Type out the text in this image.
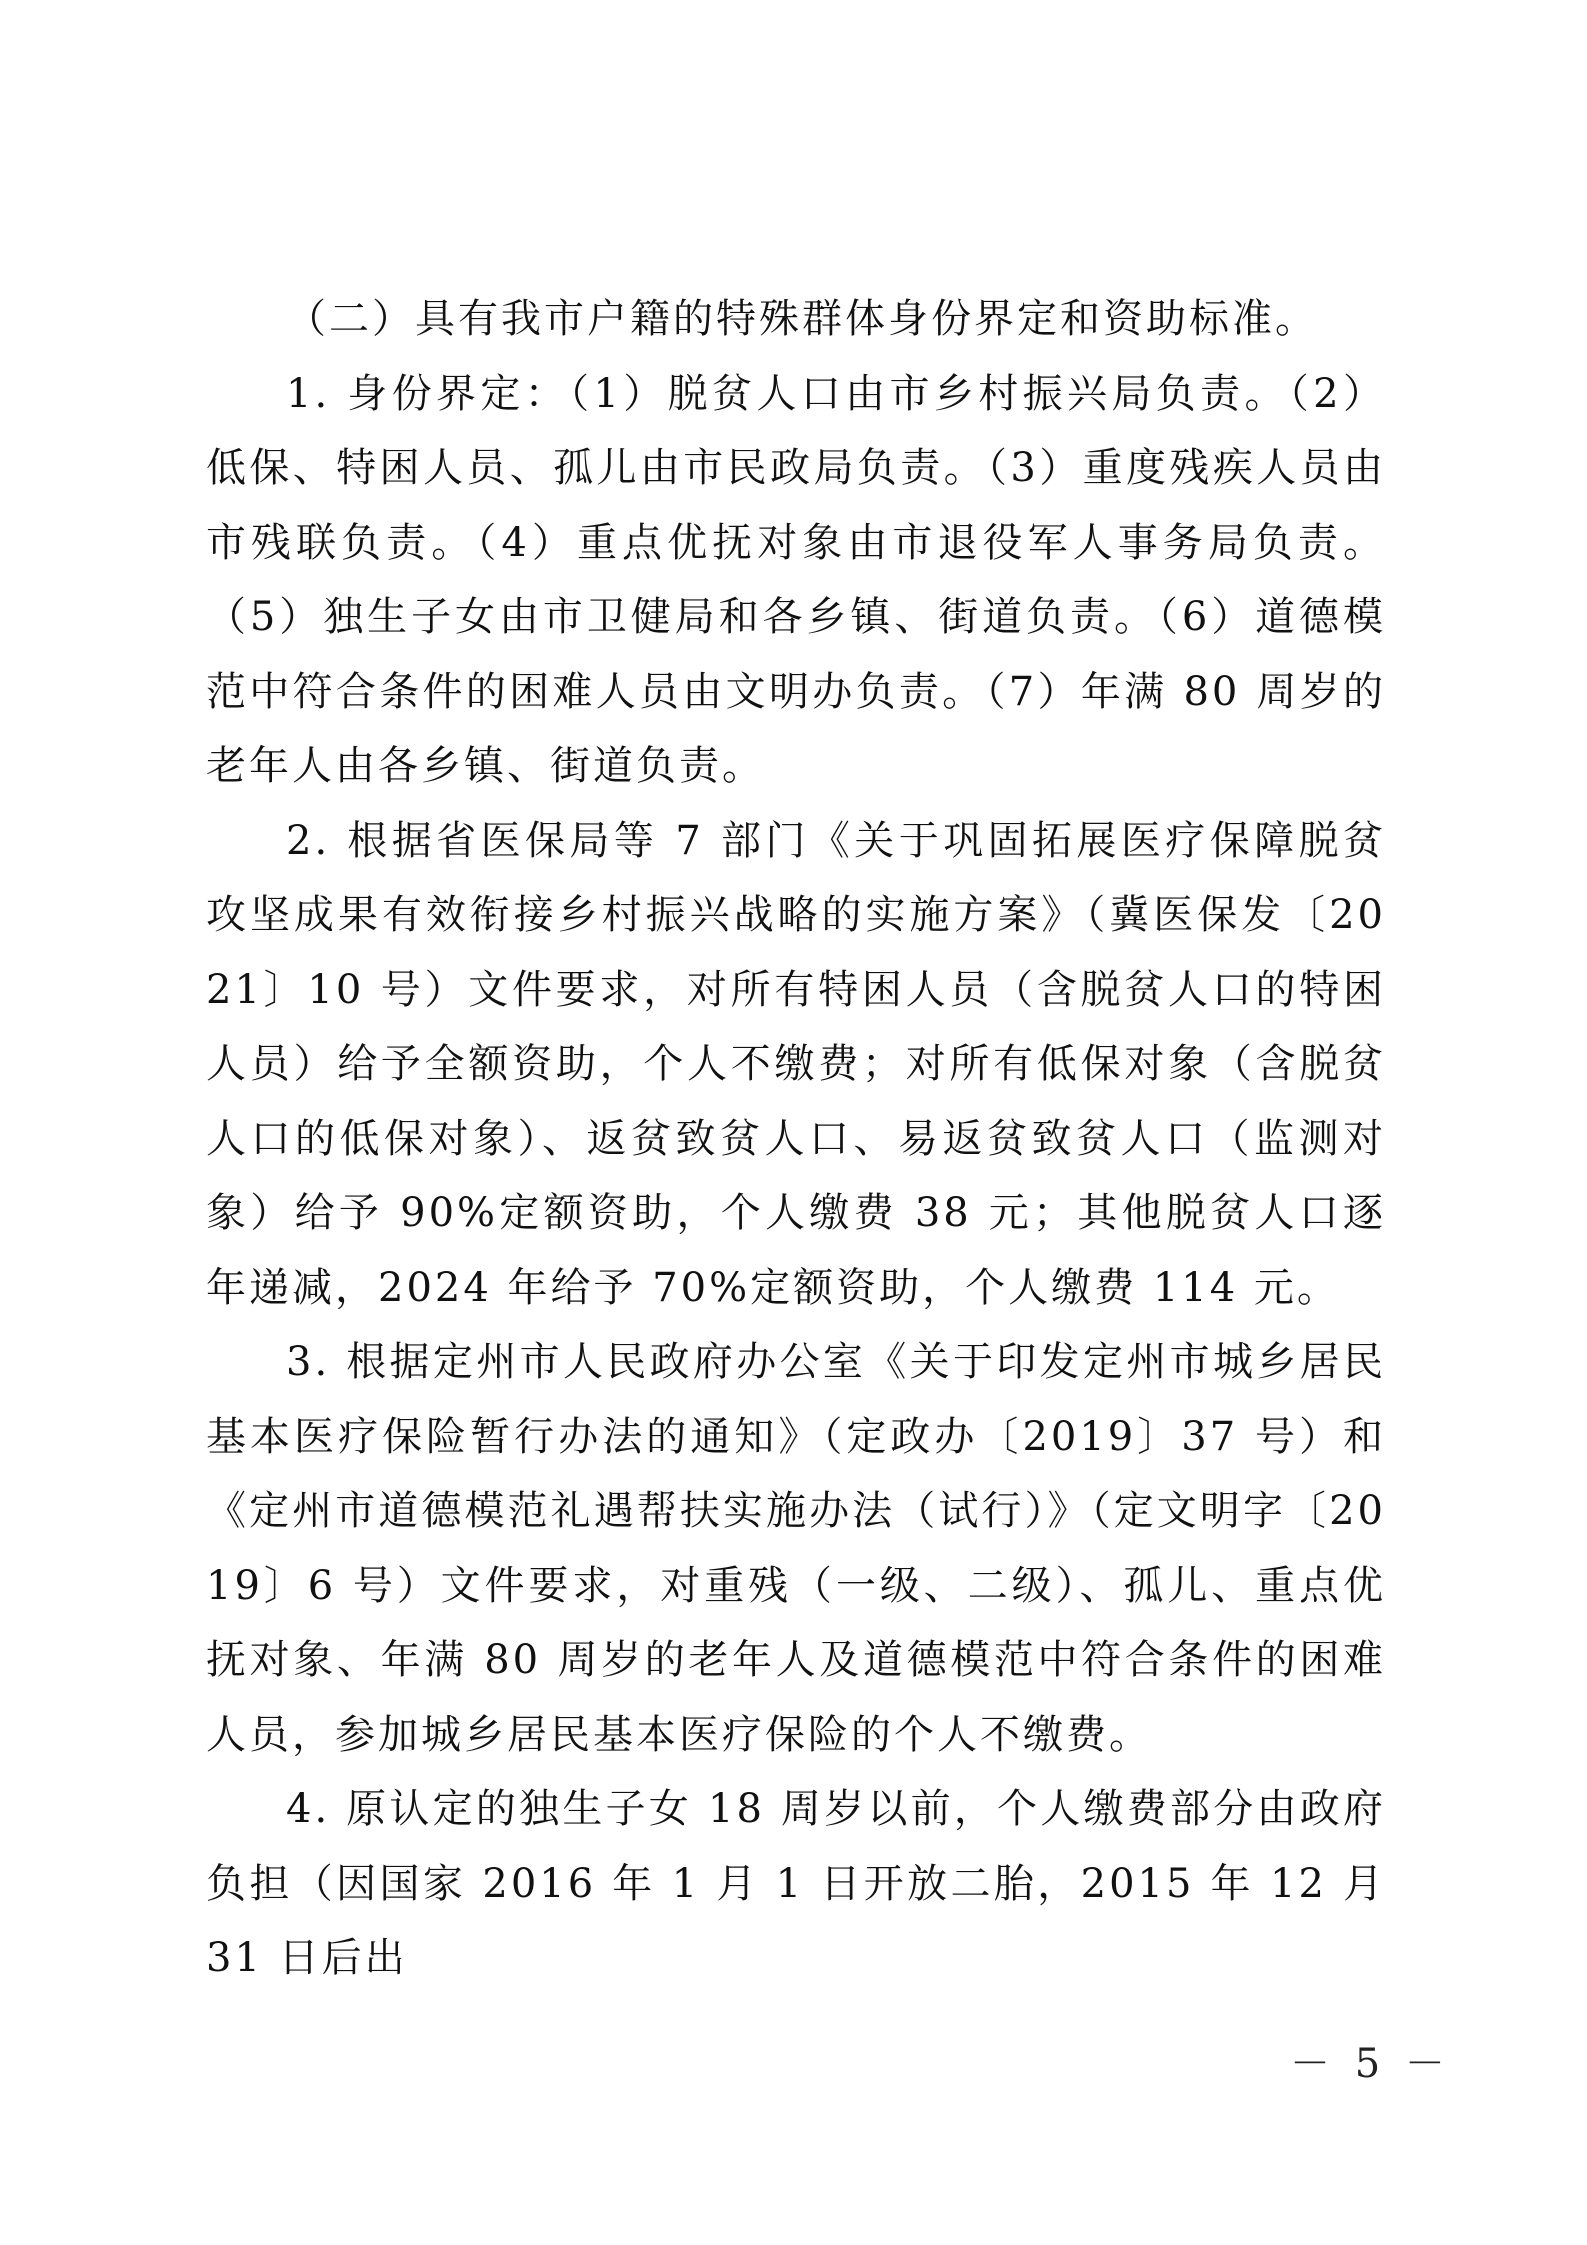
（二）具有我市户籍的特殊群体身份界定和资助标准。

1. 身份界定：（1）脱贫人口由市乡村振兴局负责。（2）低保、特困人员、孤儿由市民政局负责。（3）重度残疾人员由市残联负责。（4）重点优抚对象由市退役军人事务局负责。（5）独生子女由市卫健局和各乡镇、街道负责。（6）道德模范中符合条件的困难人员由文明办负责。（7）年满 80 周岁的老年人由各乡镇、街道负责。

2. 根据省医保局等 7 部门《关于巩固拓展医疗保障脱贫攻坚成果有效衔接乡村振兴战略的实施方案》（冀医保发〔2021〕10 号）文件要求，对所有特困人员（含脱贫人口的特困人员）给予全额资助，个人不缴费；对所有低保对象（含脱贫人口的低保对象）、返贫致贫人口、易返贫致贫人口（监测对象）给予 90%定额资助，个人缴费 38 元；其他脱贫人口逐年递减，2024 年给予 70%定额资助，个人缴费 114 元。

3. 根据定州市人民政府办公室《关于印发定州市城乡居民基本医疗保险暂行办法的通知》（定政办〔2019〕37 号）和《定州市道德模范礼遇帮扶实施办法（试行）》（定文明字〔2019〕6 号）文件要求，对重残（一级、二级）、孤儿、重点优抚对象、年满 80 周岁的老年人及道德模范中符合条件的困难人员，参加城乡居民基本医疗保险的个人不缴费。

4. 原认定的独生子女 18 周岁以前，个人缴费部分由政府负担（因国家 2016 年 1 月 1 日开放二胎，2015 年 12 月 31 日后出

－ 5 －
